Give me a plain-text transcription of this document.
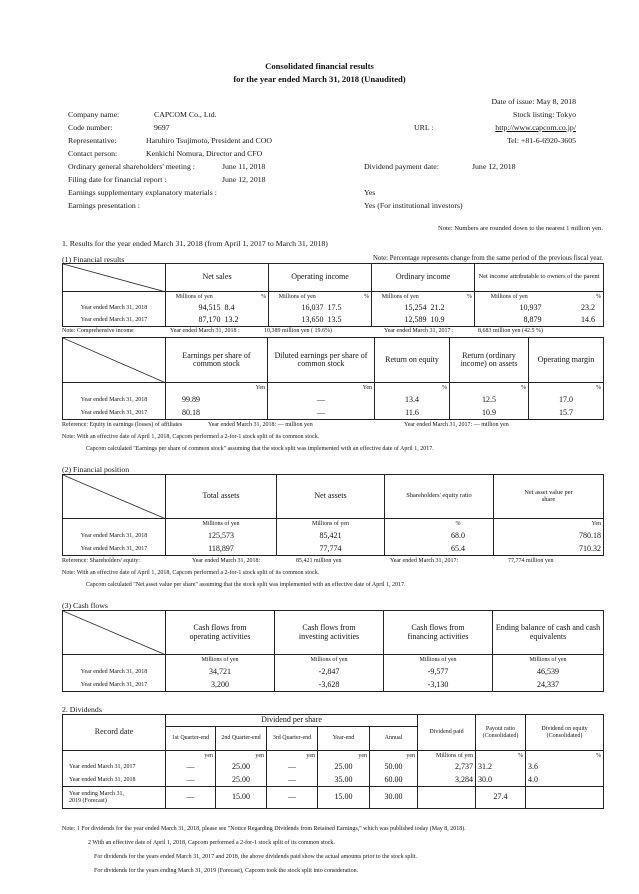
Consolidated financial results
for the year ended March 31, 2018 (Unaudited)
Date of issue: May 8, 2018
Stock listing: Tokyo
URL :	http://www.capcom.co.jp/
Tel: +81-6-6920-3605
Company name:	CAPCOM Co., Ltd.
Code number:	9697
Representative:	Haruhiro Tsujimoto, President and COO
Contact person:	Kenkichi Nomura, Director and CFO
Ordinary general shareholders' meeting :	June 11, 2018	Dividend payment date:	June 12, 2018
Filing date for financial report :	June 12, 2018
Earnings supplementary explanatory materials :	Yes
Earnings presentation :	Yes (For institutional investors)
Note: Numbers are rounded down to the nearest 1 million yen.
1. Results for the year ended March 31, 2018 (from April 1, 2017 to March 31, 2018)
(1) Financial results	Note: Percentage represents change from the same period of the previous fiscal year.
	Net sales		Operating income		Ordinary income		Net income attributable to owners of the parent	
	Millions of yen	%	Millions of yen	%	Millions of yen	%	Millions of yen	%
Year ended March 31, 2018	94,515	8.4	16,037	17.5	15,254	21.2	10,937	23.2
Year ended March 31, 2017	87,170	13.2	13,650	13.5	12,589	10.9	8,879	14.6
Note: Comprehensive income	Year ended March 31, 2018 :	10,389 million yen ( 19.6%)	Year ended March 31, 2017 :	8,683 million yen (42.5 %)
	Earnings per share of common stock	Diluted earnings per share of common stock	Return on equity	Return (ordinary income) on assets	Operating margin
	Yen	Yen	%	%	%
Year ended March 31, 2018	99.89	—	13.4	12.5	17.0
Year ended March 31, 2017	80.18	—	11.6	10.9	15.7
Reference: Equity in earnings (losses) of affiliates	Year ended March 31, 2018: — million yen	Year ended March 31, 2017: — million yen
Note: With an effective date of April 1, 2018, Capcom performed a 2-for-1 stock split of its common stock.
Capcom calculated "Earnings per share of common stock" assuming that the stock split was implemented with an effective date of April 1, 2017.
(2) Financial position
	Total assets	Net assets	Shareholders' equity ratio	Net asset value per share
	Millions of yen	Millions of yen	%	Yen
Year ended March 31, 2018	125,573	85,421	68.0	780.18
Year ended March 31, 2017	118,897	77,774	65.4	710.32
Reference: Shareholders' equity:	Year ended March 31, 2018:	85,421 million yen	Year ended March 31, 2017:	77,774 million yen
Note: With an effective date of April 1, 2018, Capcom performed a 2-for-1 stock split of its common stock.
Capcom calculated "Net asset value per share" assuming that the stock split was implemented with an effective date of April 1, 2017.
(3) Cash flows
	Cash flows from operating activities	Cash flows from investing activities	Cash flows from financing activities	Ending balance of cash and cash equivalents
	Millions of yen	Millions of yen	Millions of yen	Millions of yen
Year ended March 31, 2018	34,721	-2,847	-9,577	46,539
Year ended March 31, 2017	3,200	-3,628	-3,130	24,337
2. Dividends
Record date	Dividend per share					Dividend paid	Payout ratio (Consolidated)	Dividend on equity (Consolidated)
	1st Quarter-end	2nd Quarter-end	3rd Quarter-end	Year-end	Annual			
	yen	yen	yen	yen	yen	Millions of yen	%	%
Year ended March 31, 2017	—	25.00	—	25.00	50.00	2,737	31.2	3.6
Year ended March 31, 2018	—	25.00	—	35.00	60.00	3,284	30.0	4.0
Year ending March 31, 2019 (Forecast)	—	15.00	—	15.00	30.00		27.4	
Note: 1 For dividends for the year ended March 31, 2018, please see "Notice Regarding Dividends from Retained Earnings," which was published today (May 8, 2018).
2 With an effective date of April 1, 2018, Capcom performed a 2-for-1 stock split of its common stock.
For dividends for the years ended March 31, 2017 and 2018, the above dividends paid show the actual amounts prior to the stock split.
For dividends for the years ending March 31, 2019 (Forecast), Capcom took the stock split into consideration.
